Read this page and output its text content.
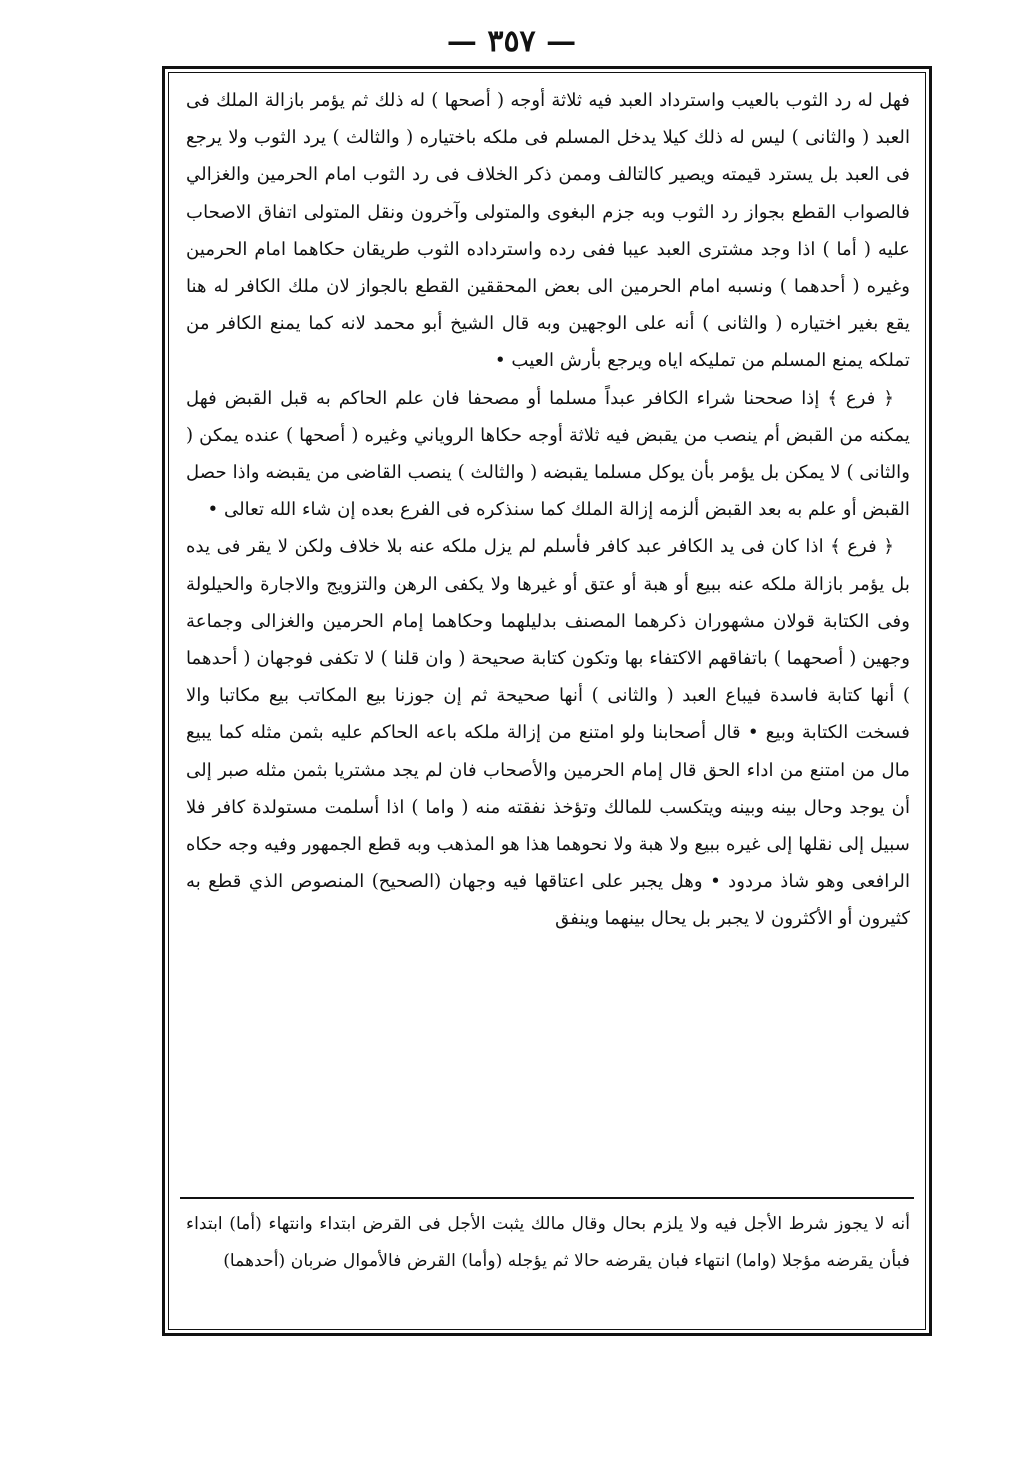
— ٣٥٧ —

فهل له رد الثوب بالعيب واسترداد العبد فيه ثلاثة أوجه ( أصحها ) له ذلك ثم يؤمر بازالة الملك فى العبد ( والثانى ) ليس له ذلك كيلا يدخل المسلم فى ملكه باختياره ( والثالث ) يرد الثوب ولا يرجع فى العبد بل يسترد قيمته ويصير كالتالف وممن ذكر الخلاف فى رد الثوب امام الحرمين والغزالي فالصواب القطع بجواز رد الثوب وبه جزم البغوى والمتولى وآخرون ونقل المتولى اتفاق الاصحاب عليه ( أما ) اذا وجد مشترى العبد عيبا ففى رده واسترداده الثوب طريقان حكاهما امام الحرمين وغيره ( أحدهما ) ونسبه امام الحرمين الى بعض المحققين القطع بالجواز لان ملك الكافر له هنا يقع بغير اختياره ( والثانى ) أنه على الوجهين وبه قال الشيخ أبو محمد لانه كما يمنع الكافر من تملكه يمنع المسلم من تمليكه اياه ويرجع بأرش العيب •

﴿ فرع ﴾ إذا صححنا شراء الكافر عبداً مسلما أو مصحفا فان علم الحاكم به قبل القبض فهل يمكنه من القبض أم ينصب من يقبض فيه ثلاثة أوجه حكاها الروياني وغيره ( أصحها ) عنده يمكن ( والثانى ) لا يمكن بل يؤمر بأن يوكل مسلما يقبضه ( والثالث ) ينصب القاضى من يقبضه واذا حصل القبض أو علم به بعد القبض ألزمه إزالة الملك كما سنذكره فى الفرع بعده إن شاء الله تعالى •

﴿ فرع ﴾ اذا كان فى يد الكافر عبد كافر فأسلم لم يزل ملكه عنه بلا خلاف ولكن لا يقر فى يده بل يؤمر بازالة ملكه عنه ببيع أو هبة أو عتق أو غيرها ولا يكفى الرهن والتزويج والاجارة والحيلولة وفى الكتابة قولان مشهوران ذكرهما المصنف بدليلهما وحكاهما إمام الحرمين والغزالى وجماعة وجهين ( أصحهما ) باتفاقهم الاكتفاء بها وتكون كتابة صحيحة ( وان قلنا ) لا تكفى فوجهان ( أحدهما ) أنها كتابة فاسدة فيباع العبد ( والثانى ) أنها صحيحة ثم إن جوزنا بيع المكاتب بيع مكاتبا والا فسخت الكتابة وبيع • قال أصحابنا ولو امتنع من إزالة ملكه باعه الحاكم عليه بثمن مثله كما يبيع مال من امتنع من اداء الحق قال إمام الحرمين والأصحاب فان لم يجد مشتريا بثمن مثله صبر إلى أن يوجد وحال بينه وبينه ويتكسب للمالك وتؤخذ نفقته منه ( واما ) اذا أسلمت مستولدة كافر فلا سبيل إلى نقلها إلى غيره ببيع ولا هبة ولا نحوهما هذا هو المذهب وبه قطع الجمهور وفيه وجه حكاه الرافعى وهو شاذ مردود • وهل يجبر على اعتاقها فيه وجهان (الصحيح) المنصوص الذي قطع به كثيرون أو الأكثرون لا يجبر بل يحال بينهما وينفق

أنه لا يجوز شرط الأجل فيه ولا يلزم بحال وقال مالك يثبت الأجل فى القرض ابتداء وانتهاء (أما) ابتداء فبأن يقرضه مؤجلا (واما) انتهاء فبان يقرضه حالا ثم يؤجله (وأما) القرض فالأموال ضربان (أحدهما)
